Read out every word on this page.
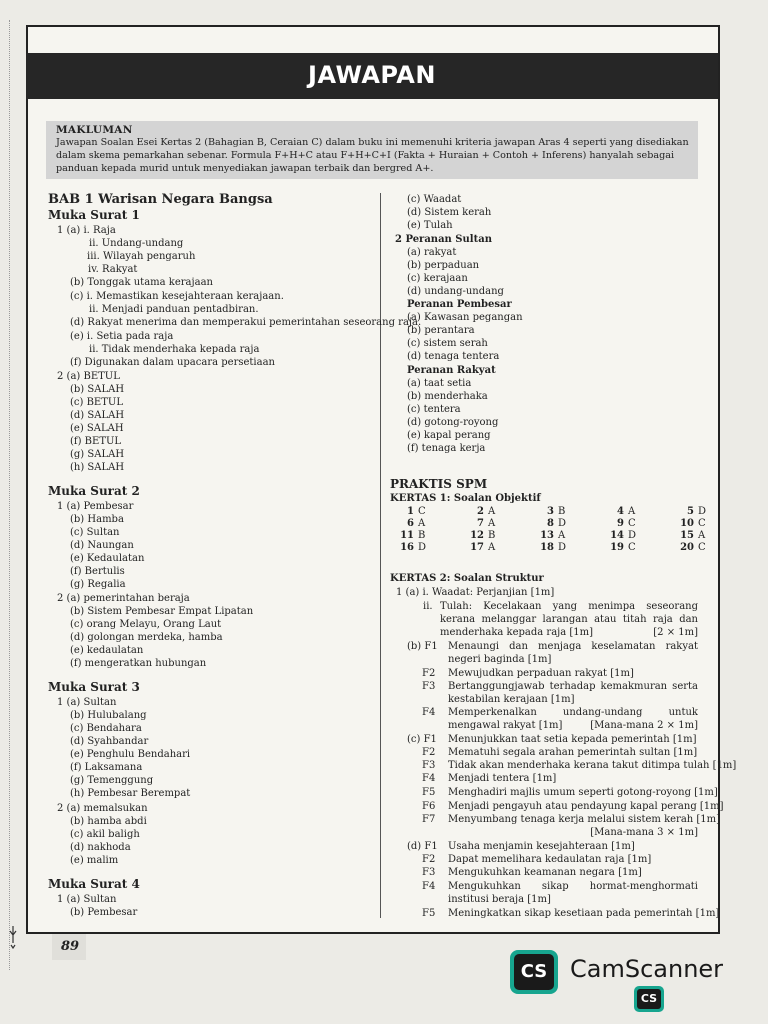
JAWAPAN
MAKLUMAN
Jawapan Soalan Esei Kertas 2 (Bahagian B, Ceraian C) dalam buku ini memenuhi kriteria jawapan Aras 4 seperti yang disediakan dalam skema pemarkahan sebenar. Formula F+H+C atau F+H+C+I (Fakta + Huraian + Contoh + Inferens) hanyalah sebagai panduan kepada murid untuk menyediakan jawapan terbaik dan bergred A+.
BAB 1 Warisan Negara Bangsa
Muka Surat 1
1 (a) i. Raja
ii. Undang-undang
iii. Wilayah pengaruh
iv. Rakyat
(b) Tonggak utama kerajaan
(c) i. Memastikan kesejahteraan kerajaan.
ii. Menjadi panduan pentadbiran.
(d) Rakyat menerima dan memperakui pemerintahan seseorang raja.
(e) i. Setia pada raja
ii. Tidak menderhaka kepada raja
(f) Digunakan dalam upacara persetiaan
2 (a) BETUL
(b) SALAH
(c) BETUL
(d) SALAH
(e) SALAH
(f) BETUL
(g) SALAH
(h) SALAH
Muka Surat 2
1 (a) Pembesar
(b) Hamba
(c) Sultan
(d) Naungan
(e) Kedaulatan
(f) Bertulis
(g) Regalia
2 (a) pemerintahan beraja
(b) Sistem Pembesar Empat Lipatan
(c) orang Melayu, Orang Laut
(d) golongan merdeka, hamba
(e) kedaulatan
(f) mengeratkan hubungan
Muka Surat 3
1 (a) Sultan
(b) Hulubalang
(c) Bendahara
(d) Syahbandar
(e) Penghulu Bendahari
(f) Laksamana
(g) Temenggung
(h) Pembesar Berempat
2 (a) memalsukan
(b) hamba abdi
(c) akil baligh
(d) nakhoda
(e) malim
Muka Surat 4
1 (a) Sultan
(b) Pembesar
(c) Waadat
(d) Sistem kerah
(e) Tulah
2 Peranan Sultan
(a) rakyat
(b) perpaduan
(c) kerajaan
(d) undang-undang
Peranan Pembesar
(a) Kawasan pegangan
(b) perantara
(c) sistem serah
(d) tenaga tentera
Peranan Rakyat
(a) taat setia
(b) menderhaka
(c) tentera
(d) gotong-royong
(e) kapal perang
(f) tenaga kerja
PRAKTIS SPM
KERTAS 1: Soalan Objektif
1 C	2 A	3 B	4 A	5 D
6 A	7 A	8 D	9 C	10 C
11 B	12 B	13 A	14 D	15 A
16 D	17 A	18 D	19 C	20 C
KERTAS 2: Soalan Struktur
1 (a) i. Waadat: Perjanjian [1m]
ii. Tulah: Kecelakaan yang menimpa seseorang kerana melanggar larangan atau titah raja dan menderhaka kepada raja [1m]	[2 × 1m]
(b) F1 Menaungi dan menjaga keselamatan rakyat negeri baginda [1m]
F2 Mewujudkan perpaduan rakyat [1m]
F3 Bertanggungjawab terhadap kemakmuran serta kestabilan kerajaan [1m]
F4 Memperkenalkan undang-undang untuk mengawal rakyat [1m]	[Mana-mana 2 × 1m]
(c) F1 Menunjukkan taat setia kepada pemerintah [1m]
F2 Mematuhi segala arahan pemerintah sultan [1m]
F3 Tidak akan menderhaka kerana takut ditimpa tulah [1m]
F4 Menjadi tentera [1m]
F5 Menghadiri majlis umum seperti gotong-royong [1m]
F6 Menjadi pengayuh atau pendayung kapal perang [1m]
F7 Menyumbang tenaga kerja melalui sistem kerah [1m]
[Mana-mana 3 × 1m]
(d) F1 Usaha menjamin kesejahteraan [1m]
F2 Dapat memelihara kedaulatan raja [1m]
F3 Mengukuhkan keamanan negara [1m]
F4 Mengukuhkan sikap hormat-menghormati institusi beraja [1m]
F5 Meningkatkan sikap kesetiaan pada pemerintah [1m]
89
CS CamScanner
CS
